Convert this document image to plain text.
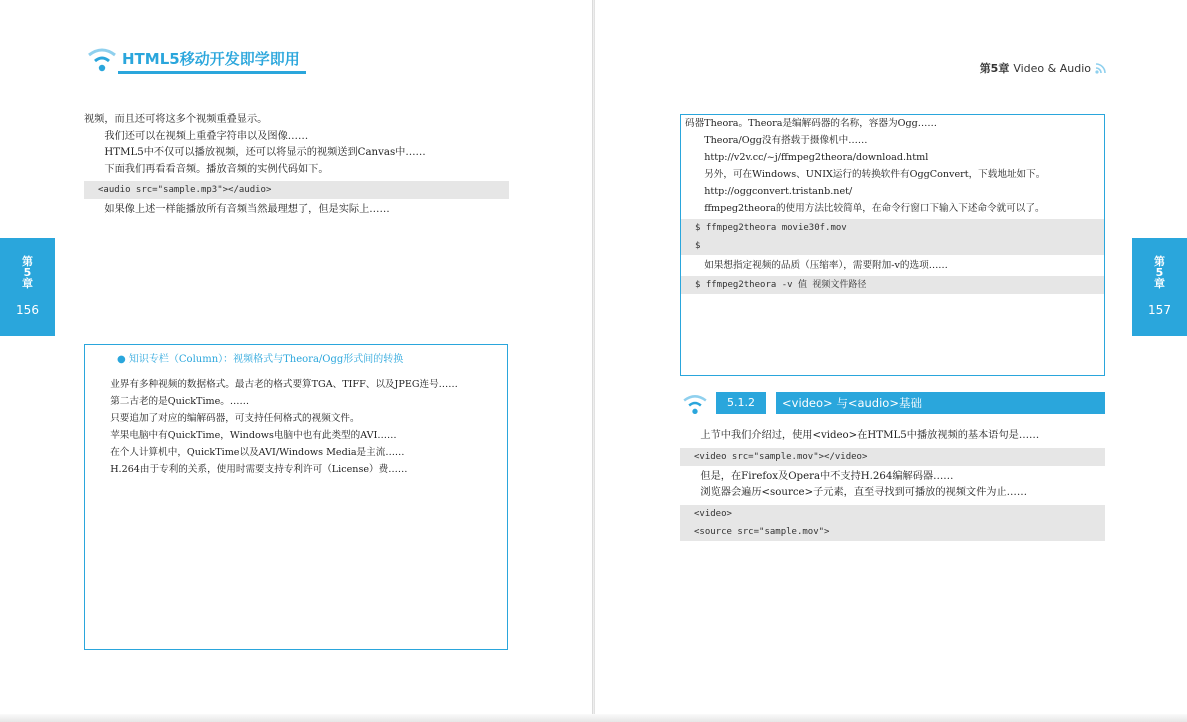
HTML5移动开发即学即用
第
5
章
156

视频，而且还可将这多个视频重叠显示。

我们还可以在视频上重叠字符串以及图像……

HTML5中不仅可以播放视频，还可以将显示的视频送到Canvas中……

下面我们再看看音频。播放音频的实例代码如下。

<audio src="sample.mp3"></audio>

如果像上述一样能播放所有音频当然最理想了，但是实际上……

● 知识专栏（Column）：视频格式与Theora/Ogg形式间的转换

业界有多种视频的数据格式。最古老的格式要算TGA、TIFF、以及JPEG连号……

第二古老的是QuickTime。……

只要追加了对应的编解码器，可支持任何格式的视频文件。

苹果电脑中有QuickTime，Windows电脑中也有此类型的AVI……

在个人计算机中，QuickTime以及AVI/Windows Media是主流……

H.264由于专利的关系，使用时需要支持专利许可（License）费……

第5章 Video & Audio
第
5
章
157

码器Theora。Theora是编解码器的名称，容器为Ogg……

Theora/Ogg没有搭载于摄像机中……

http://v2v.cc/~j/ffmpeg2theora/download.html

另外，可在Windows、UNIX运行的转换软件有OggConvert，下载地址如下。

http://oggconvert.tristanb.net/

ffmpeg2theora的使用方法比较简单，在命令行窗口下输入下述命令就可以了。

$ ffmpeg2theora movie30f.mov
$

如果想指定视频的品质（压缩率），需要附加-v的选项……

$ ffmpeg2theora -v 值 视频文件路径
5.1.2	<video> 与<audio>基础

上节中我们介绍过，使用<video>在HTML5中播放视频的基本语句是……

<video src="sample.mov"></video>

但是，在Firefox及Opera中不支持H.264编解码器……

浏览器会遍历<source>子元素，直至寻找到可播放的视频文件为止……

<video>
<source src="sample.mov">
